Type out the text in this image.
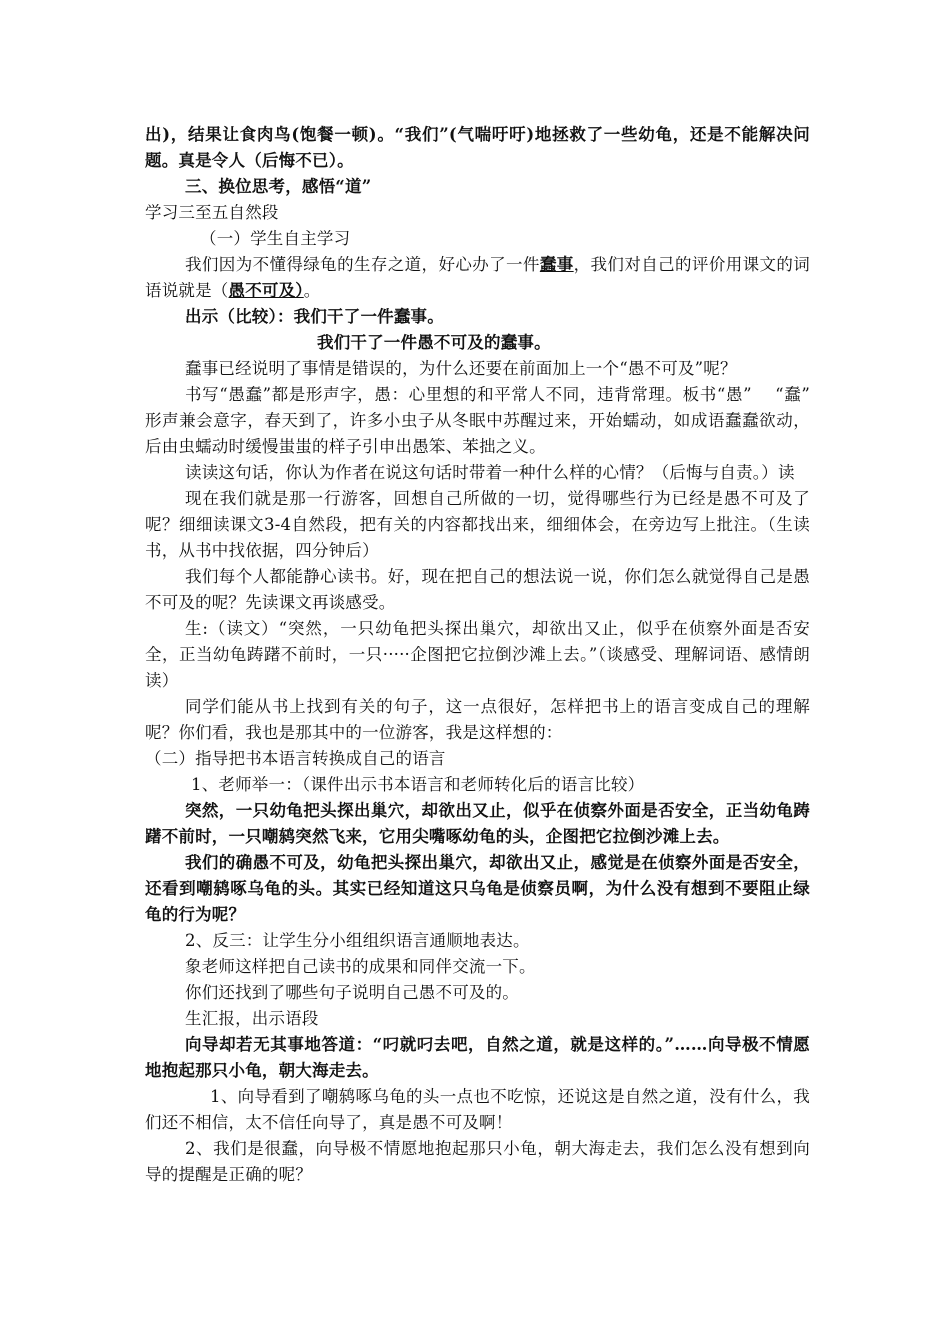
出)，结果让食肉鸟(饱餐一顿)。“我们”(气喘吁吁)地拯救了一些幼龟，还是不能解决问题。真是令人（后悔不已）。

三、换位思考，感悟“道”

学习三至五自然段

（一）学生自主学习

我们因为不懂得绿龟的生存之道，好心办了一件蠢事，我们对自己的评价用课文的词语说就是（愚不可及）。

出示（比较）：我们干了一件蠢事。

我们干了一件愚不可及的蠢事。

蠢事已经说明了事情是错误的，为什么还要在前面加上一个“愚不可及”呢？

书写“愚蠢”都是形声字，愚：心里想的和平常人不同，违背常理。板书“愚”　 “蠢” 形声兼会意字，春天到了，许多小虫子从冬眠中苏醒过来，开始蠕动，如成语蠢蠢欲动，后由虫蠕动时缓慢蚩蚩的样子引申出愚笨、苯拙之义。

读读这句话，你认为作者在说这句话时带着一种什么样的心情？（后悔与自责。）读

现在我们就是那一行游客，回想自己所做的一切，觉得哪些行为已经是愚不可及了呢？细细读课文3-4自然段，把有关的内容都找出来，细细体会，在旁边写上批注。（生读书，从书中找依据，四分钟后）

我们每个人都能静心读书。好，现在把自己的想法说一说，你们怎么就觉得自己是愚不可及的呢？先读课文再谈感受。

生:（读文）“突然，一只幼龟把头探出巢穴，却欲出又止，似乎在侦察外面是否安全，正当幼龟踌躇不前时，一只·····企图把它拉倒沙滩上去。”（谈感受、理解词语、感情朗读）

同学们能从书上找到有关的句子，这一点很好，怎样把书上的语言变成自己的理解呢？你们看，我也是那其中的一位游客，我是这样想的：

（二）指导把书本语言转换成自己的语言

1、老师举一：（课件出示书本语言和老师转化后的语言比较）

突然，一只幼龟把头探出巢穴，却欲出又止，似乎在侦察外面是否安全，正当幼龟踌躇不前时，一只嘲鸫突然飞来，它用尖嘴啄幼龟的头，企图把它拉倒沙滩上去。

我们的确愚不可及，幼龟把头探出巢穴，却欲出又止，感觉是在侦察外面是否安全，还看到嘲鸫啄乌龟的头。其实已经知道这只乌龟是侦察员啊，为什么没有想到不要阻止绿龟的行为呢？

2、反三：让学生分小组组织语言通顺地表达。

象老师这样把自己读书的成果和同伴交流一下。

你们还找到了哪些句子说明自己愚不可及的。

生汇报，出示语段

向导却若无其事地答道：“叼就叼去吧，自然之道，就是这样的。”……向导极不情愿地抱起那只小龟，朝大海走去。

1、向导看到了嘲鸫啄乌龟的头一点也不吃惊，还说这是自然之道，没有什么，我们还不相信，太不信任向导了，真是愚不可及啊！

2、我们是很蠢，向导极不情愿地抱起那只小龟，朝大海走去，我们怎么没有想到向导的提醒是正确的呢？
